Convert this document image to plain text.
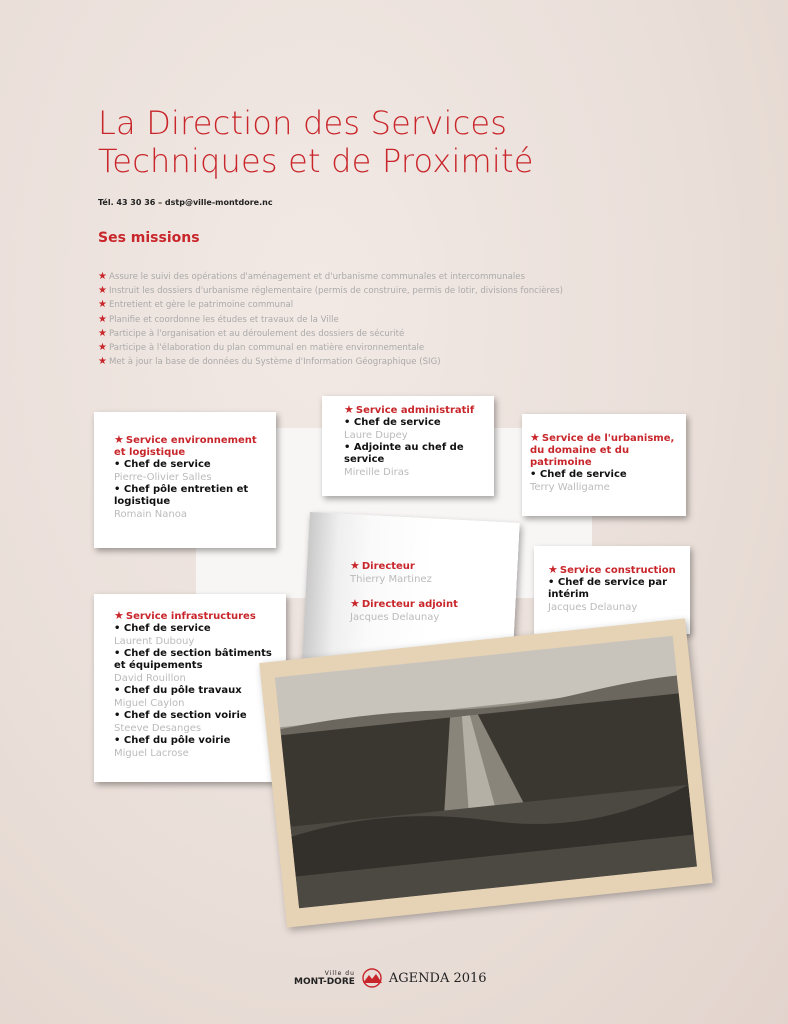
La Direction des Services
Techniques et de Proximité
Tél. 43 30 36 – dstp@ville-montdore.nc
Ses missions
★ Assure le suivi des opérations d'aménagement et d'urbanisme communales et intercommunales
★ Instruit les dossiers d'urbanisme réglementaire (permis de construire, permis de lotir, divisions foncières)
★ Entretient et gère le patrimoine communal
★ Planifie et coordonne les études et travaux de la Ville
★ Participe à l'organisation et au déroulement des dossiers de sécurité
★ Participe à l'élaboration du plan communal en matière environnementale
★ Met à jour la base de données du Système d'Information Géographique (SIG)
★ Service environnement et logistique
• Chef de service
Pierre-Olivier Salles
• Chef pôle entretien et logistique
Romain Nanoa
★ Service administratif
• Chef de service
Laure Dupey
• Adjointe au chef de service
Mireille Diras
★ Service de l'urbanisme, du domaine et du patrimoine
• Chef de service
Terry Walligame
★ Directeur
Thierry Martinez
★ Directeur adjoint
Jacques Delaunay
★ Service construction
• Chef de service par intérim
Jacques Delaunay
★ Service infrastructures
• Chef de service
Laurent Dubouy
• Chef de section bâtiments et équipements
David Rouillon
• Chef du pôle travaux
Miguel Caylon
• Chef de section voirie
Steeve Desanges
• Chef du pôle voirie
Miguel Lacrose
Ville du
MONT-DORE	AGENDA 2016
